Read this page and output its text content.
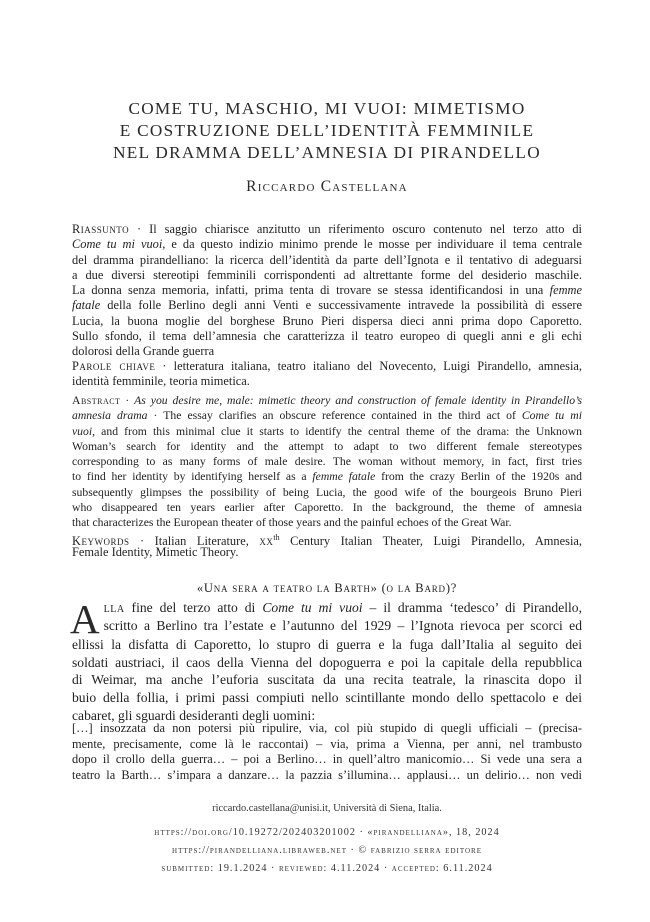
COME TU, MASCHIO, MI VUOI: MIMETISMO
E COSTRUZIONE DELL’IDENTITÀ FEMMINILE
NEL DRAMMA DELL’AMNESIA DI PIRANDELLO
Riccardo Castellana
Riassunto · Il saggio chiarisce anzitutto un riferimento oscuro contenuto nel terzo atto di
Come tu mi vuoi, e da questo indizio minimo prende le mosse per individuare il tema centrale
del dramma pirandelliano: la ricerca dell’identità da parte dell’Ignota e il tentativo di adeguarsi
a due diversi stereotipi femminili corrispondenti ad altrettante forme del desiderio maschile.
La donna senza memoria, infatti, prima tenta di trovare se stessa identificandosi in una femme
fatale della folle Berlino degli anni Venti e successivamente intravede la possibilità di essere
Lucia, la buona moglie del borghese Bruno Pieri dispersa dieci anni prima dopo Caporetto.
Sullo sfondo, il tema dell’amnesia che caratterizza il teatro europeo di quegli anni e gli echi
dolorosi della Grande guerra
Parole chiave · letteratura italiana, teatro italiano del Novecento, Luigi Pirandello, amnesia,
identità femminile, teoria mimetica.
Abstract · As you desire me, male: mimetic theory and construction of female identity in Pirandello’s
amnesia drama · The essay clarifies an obscure reference contained in the third act of Come tu mi
vuoi, and from this minimal clue it starts to identify the central theme of the drama: the Unknown
Woman’s search for identity and the attempt to adapt to two different female stereotypes
corresponding to as many forms of male desire. The woman without memory, in fact, first tries
to find her identity by identifying herself as a femme fatale from the crazy Berlin of the 1920s and
subsequently glimpses the possibility of being Lucia, the good wife of the bourgeois Bruno Pieri
who disappeared ten years earlier after Caporetto. In the background, the theme of amnesia
that characterizes the European theater of those years and the painful echoes of the Great War.
Keywords · Italian Literature, $xx^{th}$ Century Italian Theater, Luigi Pirandello, Amnesia,
Female Identity, Mimetic Theory.
«Una sera a teatro la Barth» (o la Bard)?
A lla fine del terzo atto di Come tu mi vuoi – il dramma ‘tedesco’ di Pirandello,
scritto a Berlino tra l’estate e l’autunno del 1929 – l’Ignota rievoca per scorci ed
ellissi la disfatta di Caporetto, lo stupro di guerra e la fuga dall’Italia al seguito dei
soldati austriaci, il caos della Vienna del dopoguerra e poi la capitale della repubblica
di Weimar, ma anche l’euforia suscitata da una recita teatrale, la rinascita dopo il
buio della follia, i primi passi compiuti nello scintillante mondo dello spettacolo e dei
cabaret, gli sguardi desideranti degli uomini:
[…] insozzata da non potersi più ripulire, via, col più stupido di quegli ufficiali – (precisa-
mente, precisamente, come là le raccontai) – via, prima a Vienna, per anni, nel trambusto
dopo il crollo della guerra… – poi a Berlino… in quell’altro manicomio… Si vede una sera a
teatro la Barth… s’impara a danzare… la pazzia s’illumina… applausi… un delirio… non vedi
riccardo.castellana@unisi.it, Università di Siena, Italia.
https://doi.org/10.19272/202403201002 · «pirandelliana», 18, 2024
https://pirandelliana.libraweb.net · © fabrizio serra editore
submitted: 19.1.2024 · reviewed: 4.11.2024 · accepted: 6.11.2024
